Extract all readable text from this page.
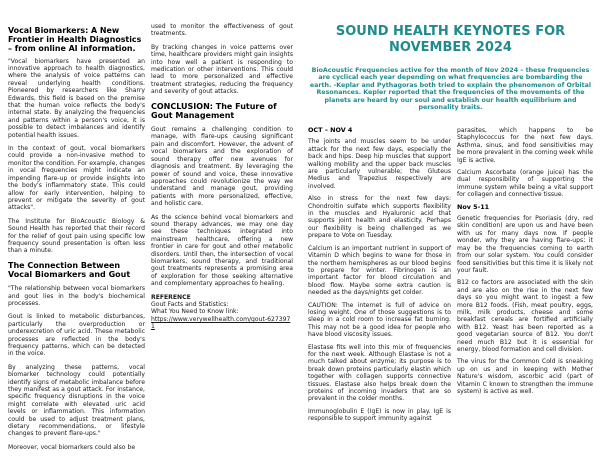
Vocal Biomarkers: A New Frontier in Health Diagnostics – from online AI information.

"Vocal biomarkers have presented an innovative approach to health diagnostics, where the analysis of voice patterns can reveal underlying health conditions. Pioneered by researchers like Sharry Edwards, this field is based on the premise that the human voice reflects the body's internal state. By analyzing the frequencies and patterns within a person's voice, it is possible to detect imbalances and identify potential health issues.

In the context of gout, vocal biomarkers could provide a non-invasive method to monitor the condition. For example, changes in vocal frequencies might indicate an impending flare-up or provide insights into the body's inflammatory state. This could allow for early intervention, helping to prevent or mitigate the severity of gout attacks".

The Institute for BioAcoustic Biology & Sound Health has reported that their record for the relief of gout pain using specific low frequency sound presentation is often less than a minute.

The Connection Between Vocal Biomarkers and Gout

"The relationship between vocal biomarkers and gout lies in the body's biochemical processes.

Gout is linked to metabolic disturbances, particularly the overproduction or underexcretion of uric acid. These metabolic processes are reflected in the body's frequency patterns, which can be detected in the voice.

By analyzing these patterns, vocal biomarker technology could potentially identify signs of metabolic imbalance before they manifest as a gout attack. For instance, specific frequency disruptions in the voice might correlate with elevated uric acid levels or inflammation. This information could be used to adjust treatment plans, dietary recommendations, or lifestyle changes to prevent flare-ups."

Moreover, vocal biomarkers could also be

used to monitor the effectiveness of gout treatments.

By tracking changes in voice patterns over time, healthcare providers might gain insights into how well a patient is responding to medication or other interventions. This could lead to more personalized and effective treatment strategies, reducing the frequency and severity of gout attacks.

CONCLUSION: The Future of Gout Management

Gout remains a challenging condition to manage, with flare-ups causing significant pain and discomfort. However, the advent of vocal biomarkers and the exploration of sound therapy offer new avenues for diagnosis and treatment. By leveraging the power of sound and voice, these innovative approaches could revolutionize the way we understand and manage gout, providing patients with more personalized, effective, and holistic care.

As the science behind vocal biomarkers and sound therapy advances, we may one day see these techniques integrated into mainstream healthcare, offering a new frontier in care for gout and other metabolic disorders. Until then, the intersection of vocal biomarkers, sound therapy, and traditional gout treatments represents a promising area of exploration for those seeking alternative and complementary approaches to healing.

REFERENCE
Gout Facts and Statistics:
What You Need to Know link:
https://www.verywellhealth.com/gout-6273971
SOUND HEALTH KEYNOTES FOR NOVEMBER 2024
BioAcoustic Frequencies active for the month of Nov 2024 – these frequencies are cyclical each year depending on what frequencies are bombarding the earth. -Keplar and Pythagoras both tried to explain the phenomenon of Orbital Resonances. Kepler reported that the frequencies of the movements of the planets are heard by our soul and establish our health equilibrium and personality traits.
OCT – NOV 4

The joints and muscles seem to be under attack for the next few days, especially the back and hips. Deep hip muscles that support walking mobility and the upper back muscles are particularly vulnerable; the Gluteus Medius and Trapezius respectively are involved.

Also in stress for the next few days: Chondroitin sulfate which supports flexibility in the muscles and Hyaluronic acid that supports joint health and elasticity. Perhaps our flexibility is being challenged as we prepare to Vote on Tuesday.

Calcium is an important nutrient in support of Vitamin D which begins to wane for those in the northern hemispheres as our blood begins to prepare for winter. Fibrinogen is an important factor for blood circulation and blood flow. Maybe some extra caution is needed as the days/nights get colder.

CAUTION: The internet is full of advice on losing weight. One of those suggestions is to sleep in a cold room to increase fat burning. This may not be a good idea for people who have blood viscosity issues.

Elastase fits well into this mix of frequencies for the next week. Although Elastase is not a much talked about enzyme; its purpose is to break down proteins particularly elastin which together with collagen supports connective tissues. Elastase also helps break down the proteins of incoming invaders that are so prevalent in the colder months.

Immunoglobulin E (IgE) is now in play. IgE is responsible to support immunity against

parasites, which happens to be Staphylococcus for the next few days. Asthma, sinus, and food sensitivities may be more prevalent in the coming week while IgE is active.

Calcium Ascorbate (orange juice) has the dual responsibility of supporting the immune system while being a vital support for collagen and connective tissue.

Nov 5-11

Genetic frequencies for Psoriasis (dry, red skin condition) are upon us and have been with us for many days now. If people wonder, why they are having flare-ups; it may be the frequencies coming to earth from our solar system. You could consider food sensitivities but this time it is likely not your fault.

B12 co factors are associated with the skin and are also on the rise in the next few days so you might want to ingest a few more B12 foods. (Fish, meat poultry, eggs, milk, milk products, cheese and some breakfast cereals are fortified artificially with B12. Yeast has been reported as a good vegetarian source of B12. You don't need much B12 but it is essential for energy, blood formation and cell division.

The virus for the Common Cold is sneaking up on us and in keeping with Mother Nature's wisdom, ascorbic acid (part of Vitamin C known to strengthen the immune system) is active as well.
